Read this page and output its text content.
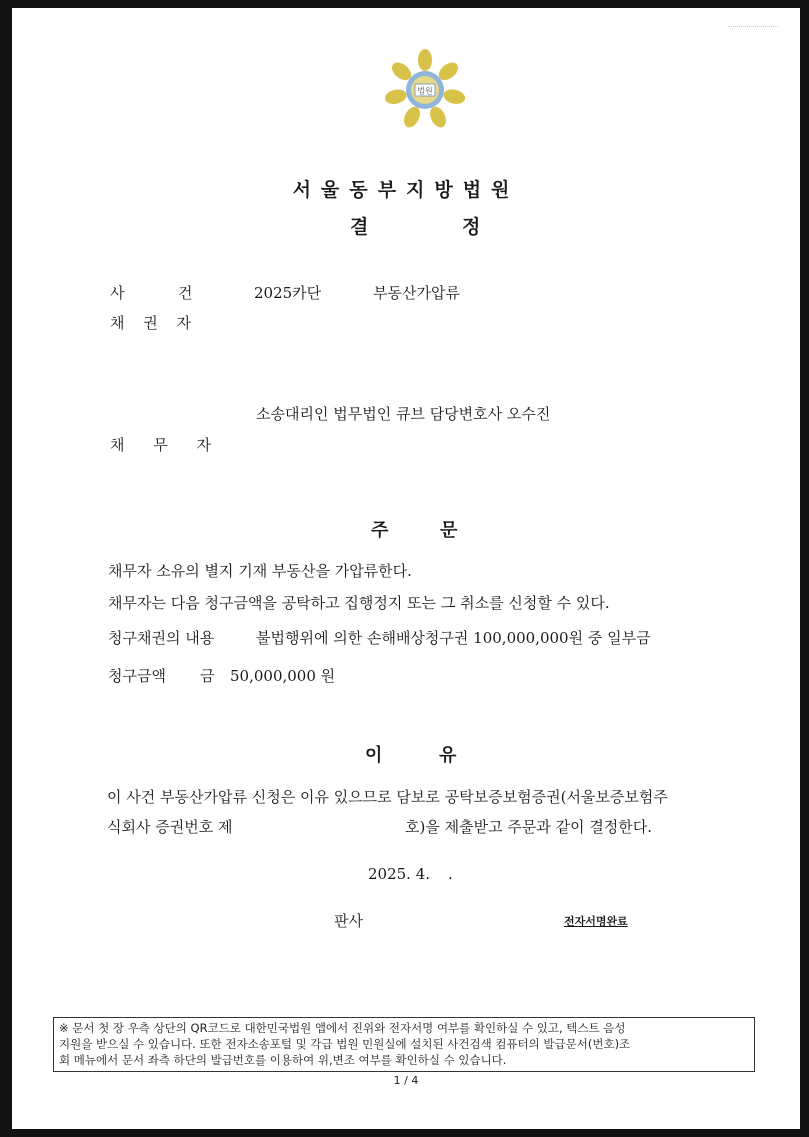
법원
서울동부지방법원
결	정
사	건	2025카단	부동산가압류
채 권 자
소송대리인 법무법인 큐브 담당변호사 오수진
채 무 자
주	문
채무자 소유의 별지 기재 부동산을 가압류한다.
채무자는 다음 청구금액을 공탁하고 집행정지 또는 그 취소를 신청할 수 있다.
청구채권의 내용	불법행위에 의한 손해배상청구권 100,000,000원 중 일부금
청구금액 금 50,000,000 원
이	유
이 사건 부동산가압류 신청은 이유 있으므로 담보로 공탁보증보험증권(서울보증보험주
식회사 증권번호 제	호)을 제출받고 주문과 같이 결정한다.
2025. 4. .
판사	전자서명완료
※ 문서 첫 장 우측 상단의 QR코드로 대한민국법원 앱에서 진위와 전자서명 여부를 확인하실 수 있고, 텍스트 음성
지원을 받으실 수 있습니다. 또한 전자소송포털 및 각급 법원 민원실에 설치된 사건검색 컴퓨터의 발급문서(번호)조
회 메뉴에서 문서 좌측 하단의 발급번호를 이용하여 위,변조 여부를 확인하실 수 있습니다.
1 / 4
